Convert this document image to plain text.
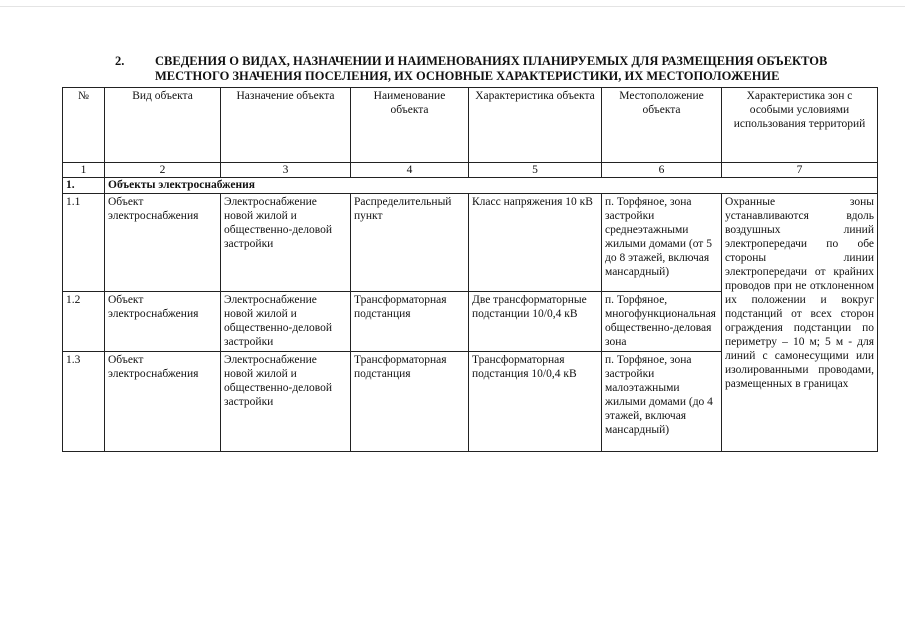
2. СВЕДЕНИЯ О ВИДАХ, НАЗНАЧЕНИИ И НАИМЕНОВАНИЯХ ПЛАНИРУЕМЫХ ДЛЯ РАЗМЕЩЕНИЯ ОБЪЕКТОВ
МЕСТНОГО ЗНАЧЕНИЯ ПОСЕЛЕНИЯ, ИХ ОСНОВНЫЕ ХАРАКТЕРИСТИКИ, ИХ МЕСТОПОЛОЖЕНИЕ
№	Вид объекта	Назначение объекта	Наименование объекта	Характеристика объекта	Местоположение объекта	Характеристика зон с особыми условиями использования территорий
1	2	3	4	5	6	7
1.	Объекты электроснабжения					
1.1	Объект электроснабжения	Электроснабжение новой жилой и общественно-деловой застройки	Распределительный пункт	Класс напряжения 10 кВ	п. Торфяное, зона застройки среднеэтажными жилыми домами (от 5 до 8 этажей, включая мансардный)	Охранные зоны устанавливаются вдоль воздушных линий электропередачи по обе стороны линии электропередачи от крайних проводов при не отклоненном их положении и вокруг подстанций от всех сторон ограждения подстанции по периметру – 10 м; 5 м - для линий с самонесущими или изолированными проводами, размещенных в границах

1.2	Объект электроснабжения	Электроснабжение новой жилой и общественно-деловой застройки	Трансформаторная подстанция	Две трансформаторные подстанции 10/0,4 кВ	п. Торфяное, многофункциональная общественно-деловая зона	
1.3	Объект электроснабжения	Электроснабжение новой жилой и общественно-деловой застройки	Трансформаторная подстанция	Трансформаторная подстанция 10/0,4 кВ	п. Торфяное, зона застройки малоэтажными жилыми домами (до 4 этажей, включая мансардный)	
